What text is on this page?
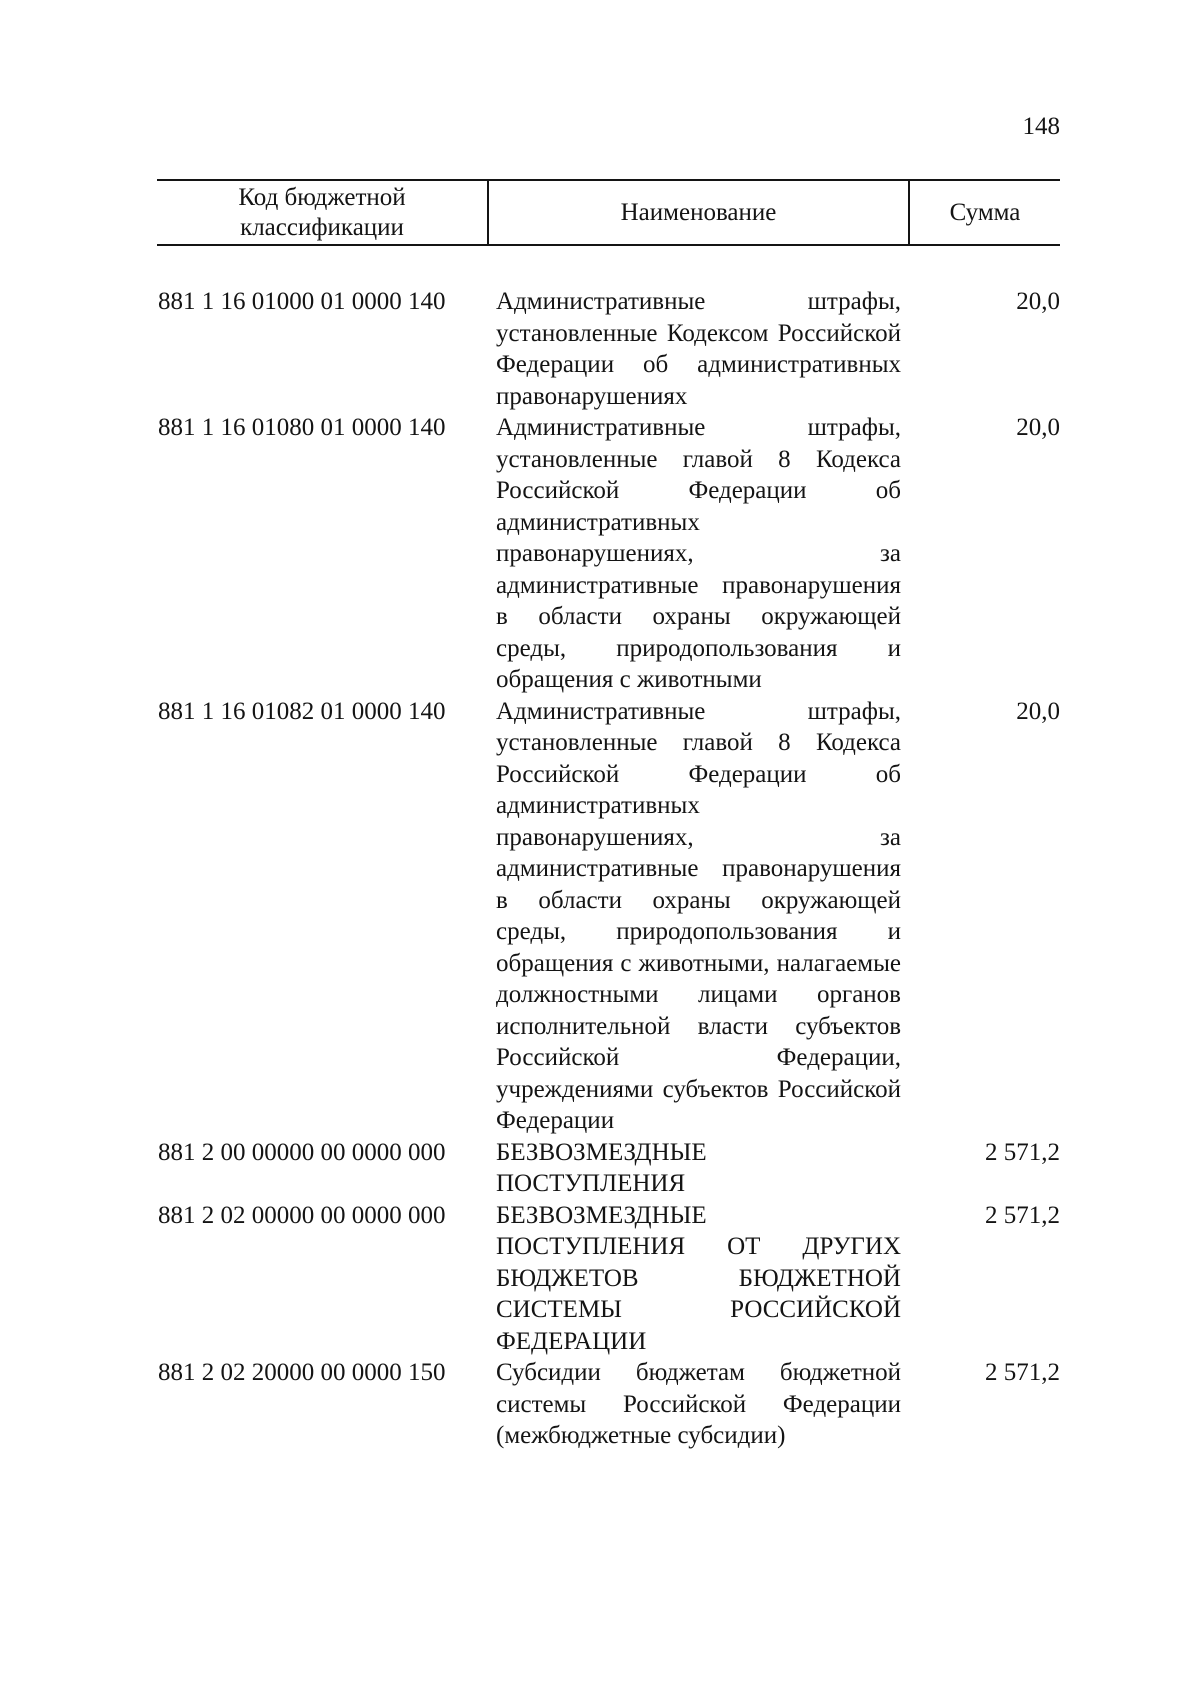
148
Код бюджетной классификации	Наименование	Сумма

881 1 16 01000 01 0000 140	Административные штрафы, установленные Кодексом Российской Федерации об административных правонарушениях	20,0
881 1 16 01080 01 0000 140	Административные штрафы, установленные главой 8 Кодекса Российской Федерации об административных правонарушениях, за административные правонарушения в области охраны окружающей среды, природопользования и обращения с животными	20,0
881 1 16 01082 01 0000 140	Административные штрафы, установленные главой 8 Кодекса Российской Федерации об административных правонарушениях, за административные правонарушения в области охраны окружающей среды, природопользования и обращения с животными, налагаемые должностными лицами органов исполнительной власти субъектов Российской Федерации, учреждениями субъектов Российской Федерации	20,0
881 2 00 00000 00 0000 000	БЕЗВОЗМЕЗДНЫЕ ПОСТУПЛЕНИЯ	2 571,2
881 2 02 00000 00 0000 000	БЕЗВОЗМЕЗДНЫЕ ПОСТУПЛЕНИЯ ОТ ДРУГИХ БЮДЖЕТОВ БЮДЖЕТНОЙ СИСТЕМЫ РОССИЙСКОЙ ФЕДЕРАЦИИ	2 571,2
881 2 02 20000 00 0000 150	Субсидии бюджетам бюджетной системы Российской Федерации (межбюджетные субсидии)	2 571,2
